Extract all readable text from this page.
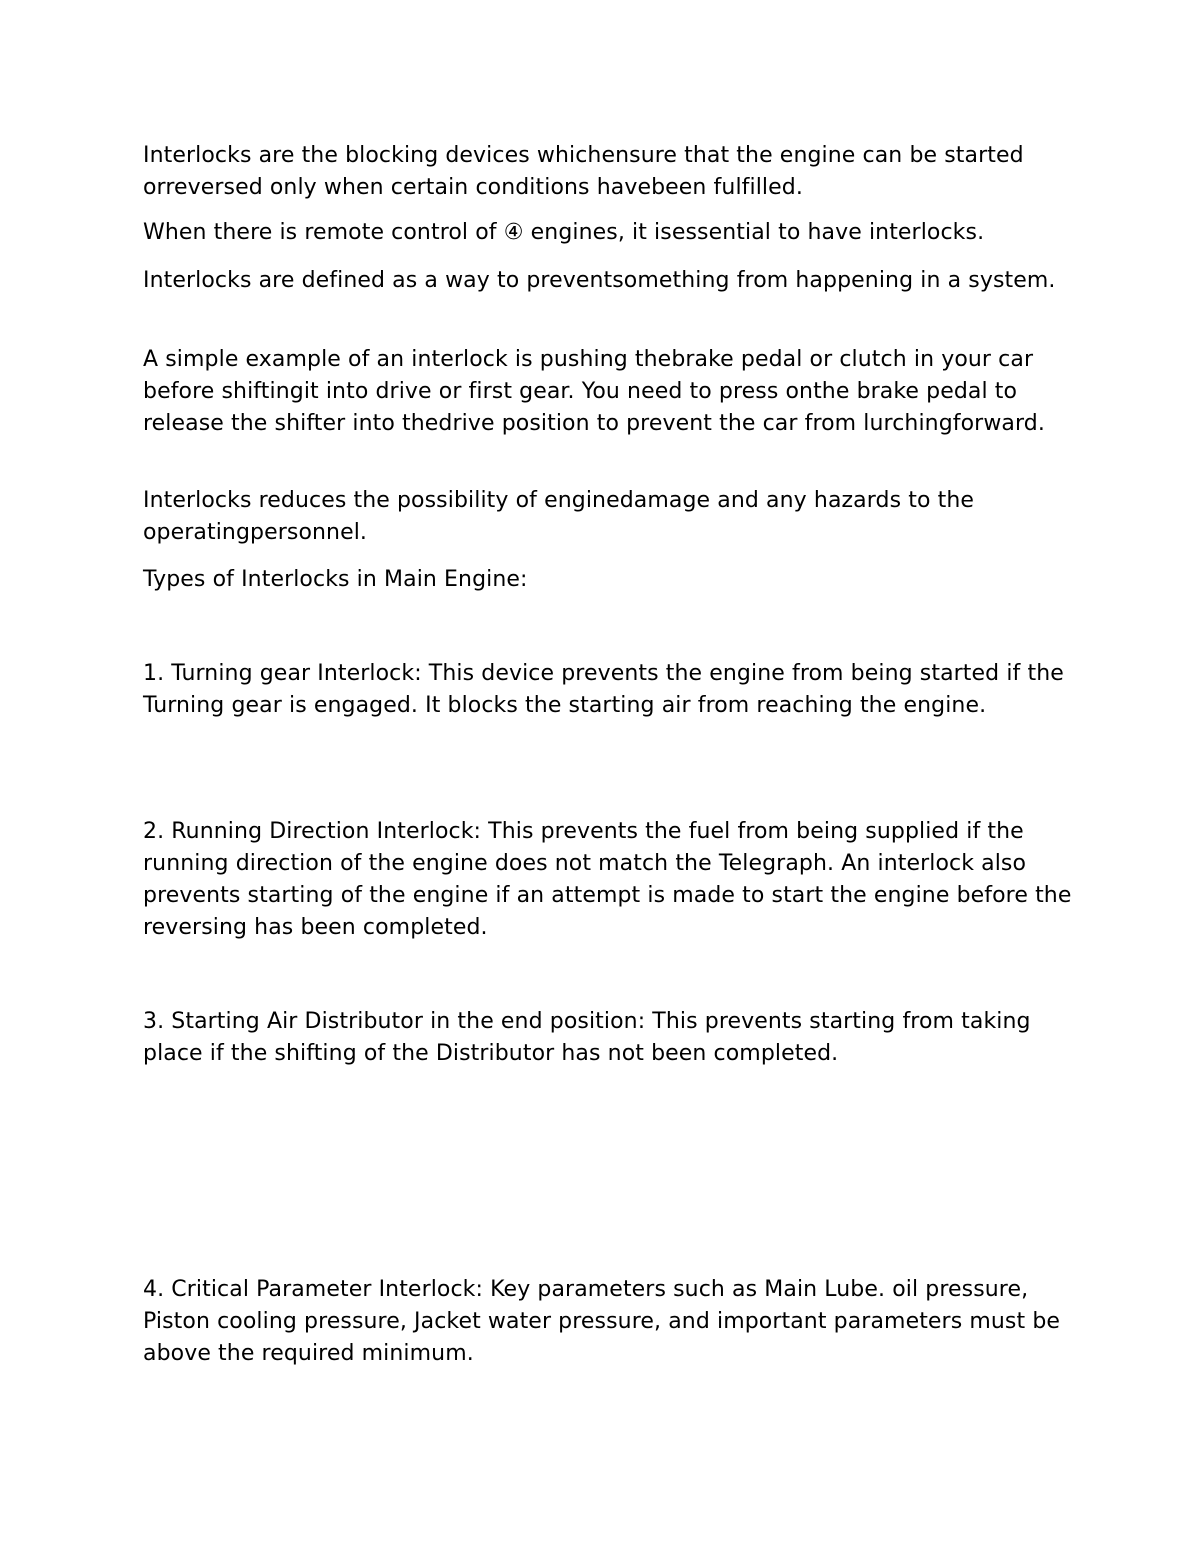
Interlocks are the blocking devices whichensure that the engine can be started orreversed only when certain conditions havebeen fulfilled.

When there is remote control of ④ engines, it isessential to have interlocks.

Interlocks are defined as a way to preventsomething from happening in a system.

A simple example of an interlock is pushing thebrake pedal or clutch in your car before shiftingit into drive or first gear. You need to press onthe brake pedal to release the shifter into thedrive position to prevent the car from lurchingforward.

Interlocks reduces the possibility of enginedamage and any hazards to the operatingpersonnel.

Types of Interlocks in Main Engine:

1. Turning gear Interlock: This device prevents the engine from being started if the Turning gear is engaged. It blocks the starting air from reaching the engine.

2. Running Direction Interlock: This prevents the fuel from being supplied if the running direction of the engine does not match the Telegraph. An interlock also prevents starting of the engine if an attempt is made to start the engine before the reversing has been completed.

3. Starting Air Distributor in the end position: This prevents starting from taking place if the shifting of the Distributor has not been completed.

4. Critical Parameter Interlock: Key parameters such as Main Lube. oil pressure, Piston cooling pressure, Jacket water pressure, and important parameters must be above the required minimum.
